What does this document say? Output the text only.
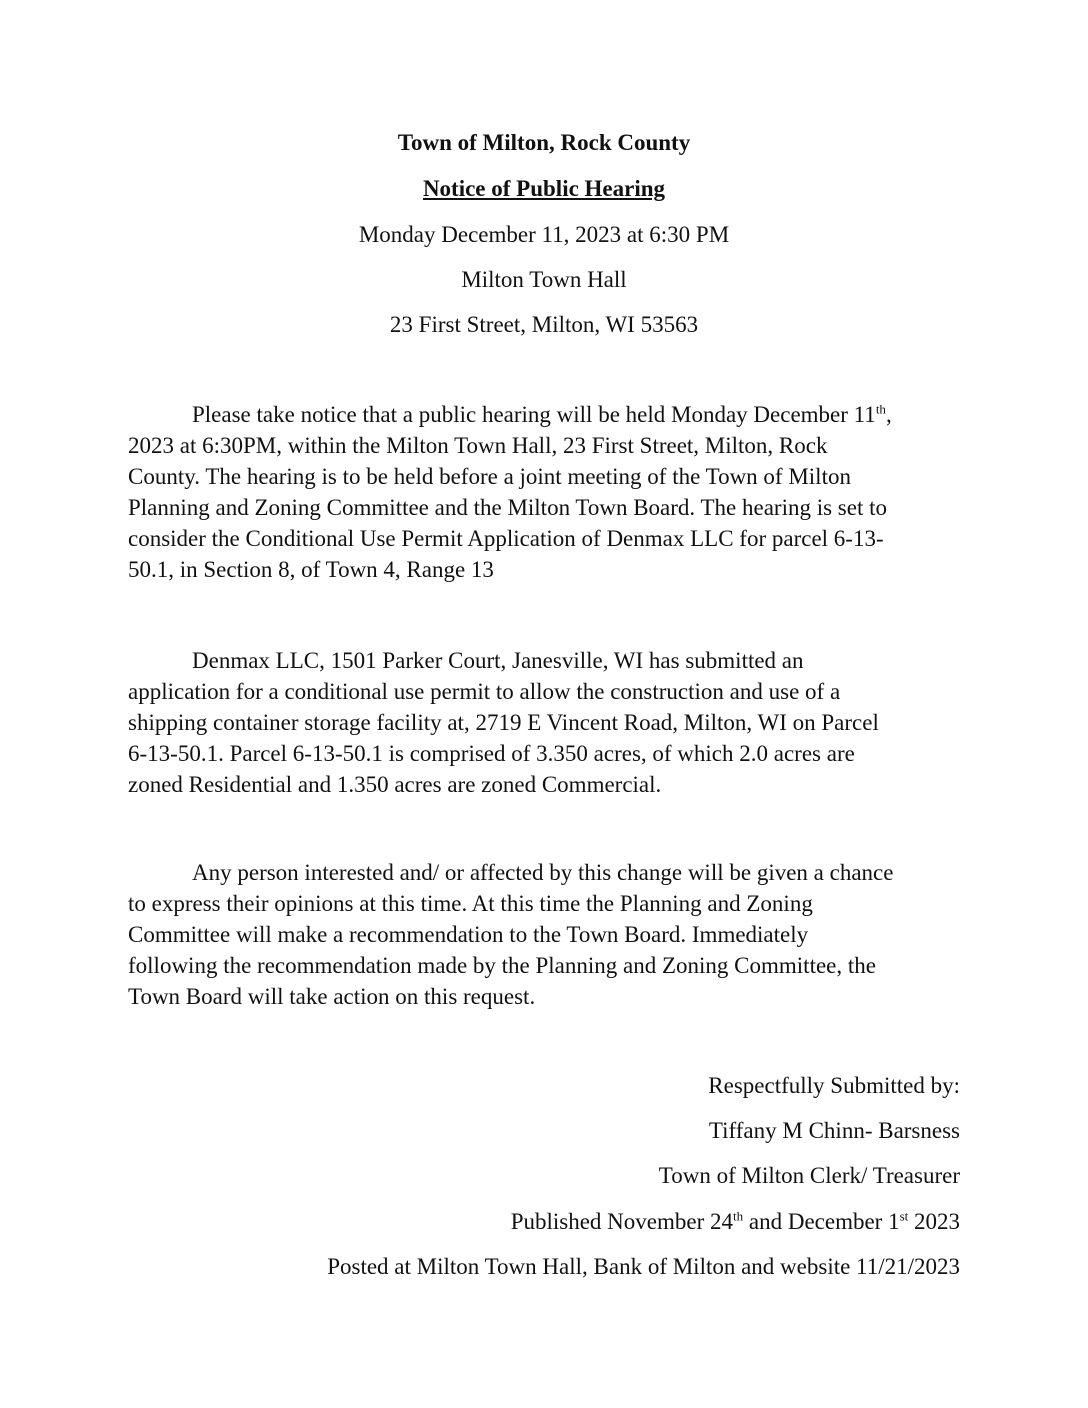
Town of Milton, Rock County
Notice of Public Hearing
Monday December 11, 2023 at 6:30 PM
Milton Town Hall
23 First Street, Milton, WI 53563
Please take notice that a public hearing will be held Monday December 11th,
2023 at 6:30PM, within the Milton Town Hall, 23 First Street, Milton, Rock
County. The hearing is to be held before a joint meeting of the Town of Milton
Planning and Zoning Committee and the Milton Town Board. The hearing is set to
consider the Conditional Use Permit Application of Denmax LLC for parcel 6-13-
50.1, in Section 8, of Town 4, Range 13
Denmax LLC, 1501 Parker Court, Janesville, WI has submitted an
application for a conditional use permit to allow the construction and use of a
shipping container storage facility at, 2719 E Vincent Road, Milton, WI on Parcel
6-13-50.1. Parcel 6-13-50.1 is comprised of 3.350 acres, of which 2.0 acres are
zoned Residential and 1.350 acres are zoned Commercial.
Any person interested and/ or affected by this change will be given a chance
to express their opinions at this time. At this time the Planning and Zoning
Committee will make a recommendation to the Town Board. Immediately
following the recommendation made by the Planning and Zoning Committee, the
Town Board will take action on this request.
Respectfully Submitted by:
Tiffany M Chinn- Barsness
Town of Milton Clerk/ Treasurer
Published November 24th and December 1st 2023
Posted at Milton Town Hall, Bank of Milton and website 11/21/2023
